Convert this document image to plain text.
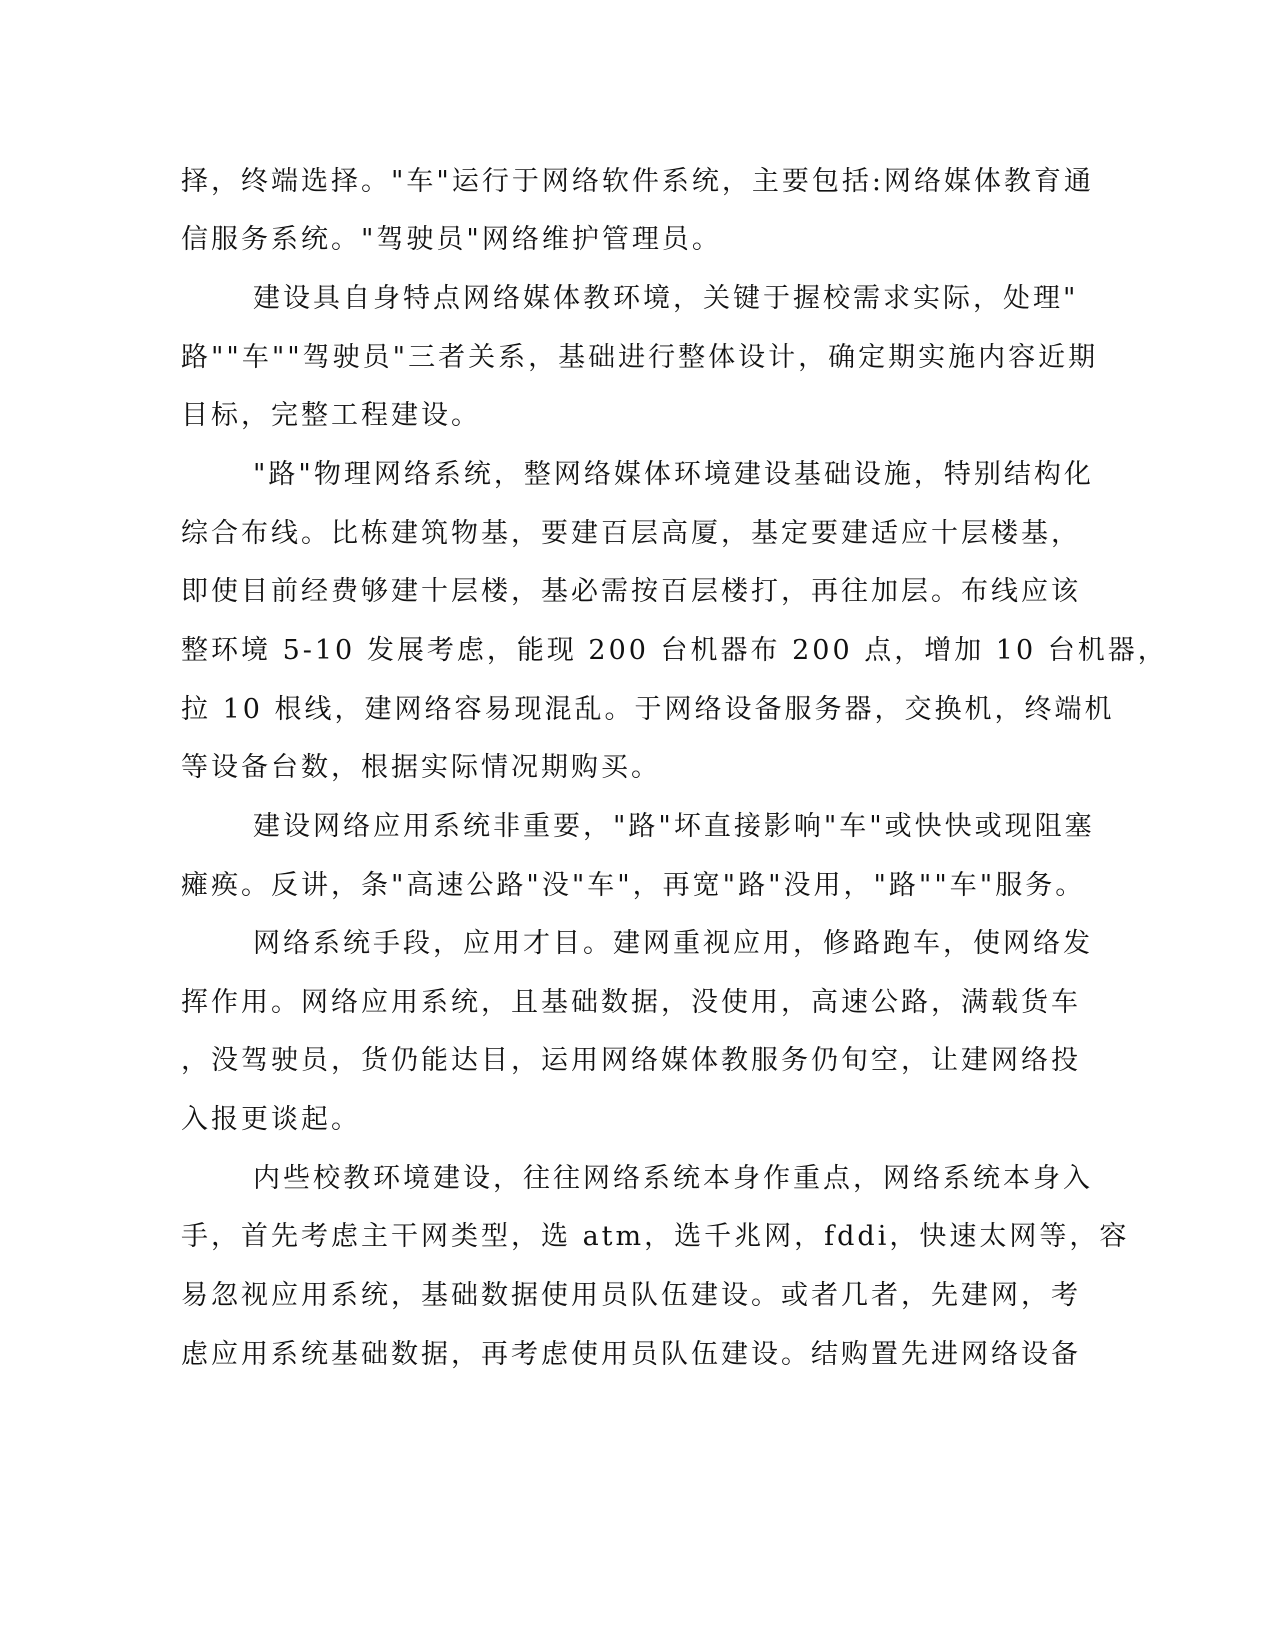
择，终端选择。"车"运行于网络软件系统，主要包括:网络媒体教育通
信服务系统。"驾驶员"网络维护管理员。
建设具自身特点网络媒体教环境，关键于握校需求实际，处理"
路""车""驾驶员"三者关系，基础进行整体设计，确定期实施内容近期
目标，完整工程建设。
"路"物理网络系统，整网络媒体环境建设基础设施，特别结构化
综合布线。比栋建筑物基，要建百层高厦，基定要建适应十层楼基，
即使目前经费够建十层楼，基必需按百层楼打，再往加层。布线应该
整环境 5-10 发展考虑，能现 200 台机器布 200 点，增加 10 台机器，
拉 10 根线，建网络容易现混乱。于网络设备服务器，交换机，终端机
等设备台数，根据实际情况期购买。
建设网络应用系统非重要，"路"坏直接影响"车"或快快或现阻塞
瘫痪。反讲，条"高速公路"没"车"，再宽"路"没用，"路""车"服务。
网络系统手段，应用才目。建网重视应用，修路跑车，使网络发
挥作用。网络应用系统，且基础数据，没使用，高速公路，满载货车
，没驾驶员，货仍能达目，运用网络媒体教服务仍旬空，让建网络投
入报更谈起。
内些校教环境建设，往往网络系统本身作重点，网络系统本身入
手，首先考虑主干网类型，选 atm，选千兆网，fddi，快速太网等，容
易忽视应用系统，基础数据使用员队伍建设。或者几者，先建网，考
虑应用系统基础数据，再考虑使用员队伍建设。结购置先进网络设备
